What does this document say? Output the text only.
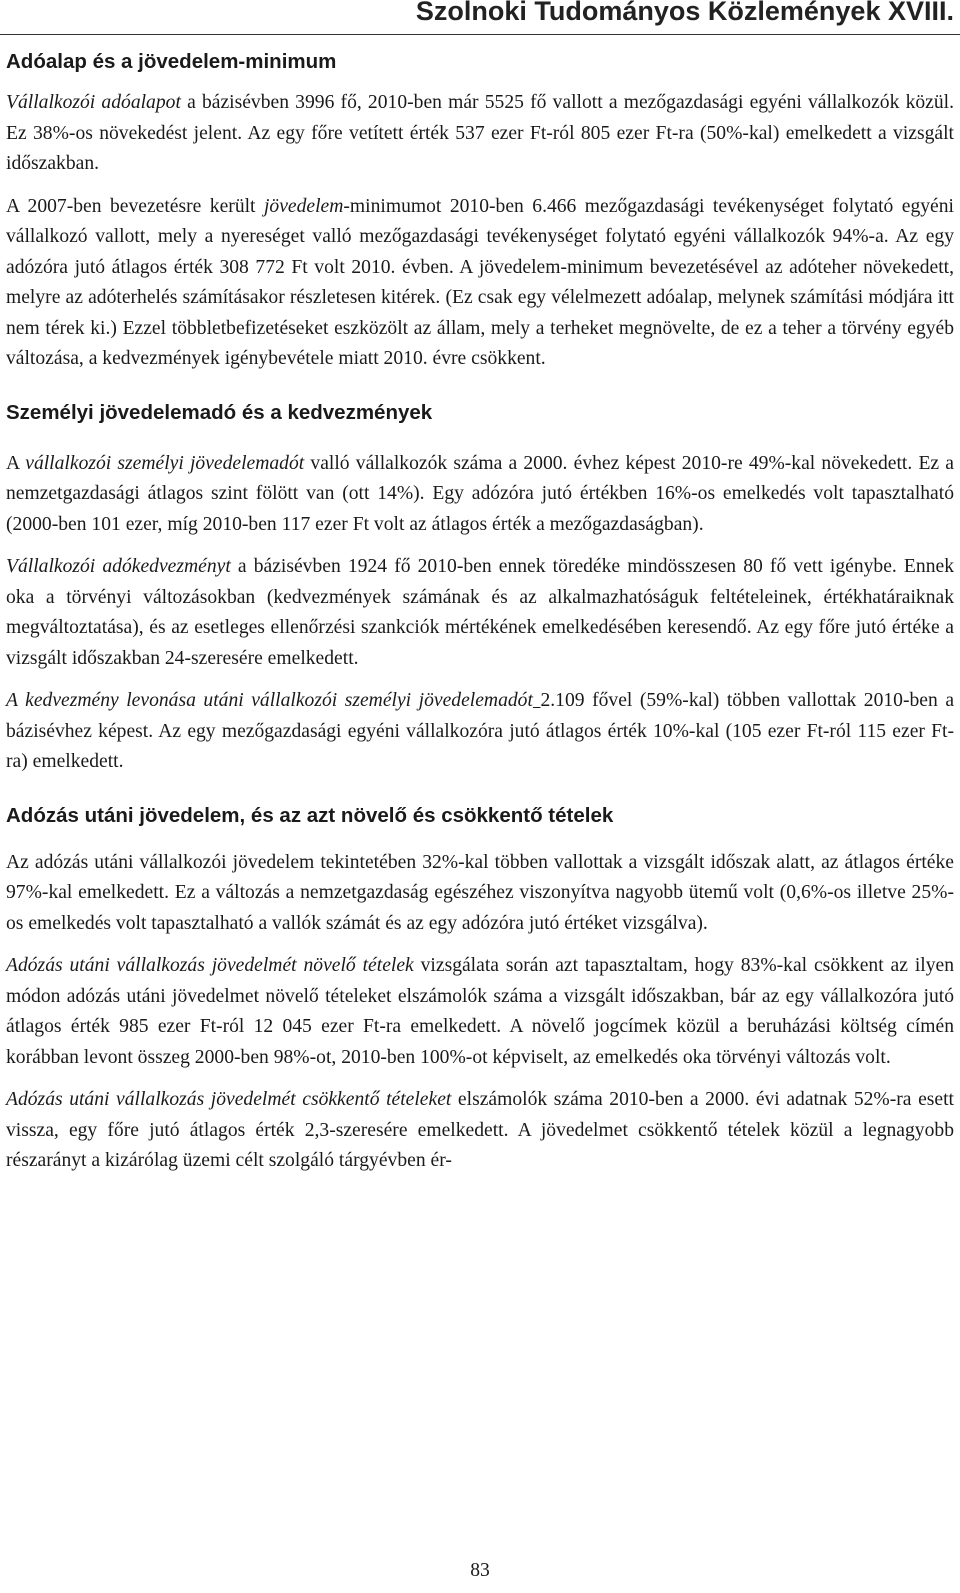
Szolnoki Tudományos Közlemények XVIII.
Adóalap és a jövedelem-minimum

Vállalkozói adóalapot a bázisévben 3996 fő, 2010-ben már 5525 fő vallott a mezőgazdasági egyéni vállalkozók közül. Ez 38%-os növekedést jelent. Az egy főre vetített érték 537 ezer Ft-ról 805 ezer Ft-ra (50%-kal) emelkedett a vizsgált időszakban.

A 2007-ben bevezetésre került jövedelem-minimumot 2010-ben 6.466 mezőgazdasági tevékenységet folytató egyéni vállalkozó vallott, mely a nyereséget valló mezőgazdasági tevékenységet folytató egyéni vállalkozók 94%-a. Az egy adózóra jutó átlagos érték 308 772 Ft volt 2010. évben. A jövedelem-minimum bevezetésével az adóteher növekedett, melyre az adóterhelés számításakor részletesen kitérek. (Ez csak egy vélelmezett adóalap, melynek számítási módjára itt nem térek ki.) Ezzel többletbefizetéseket eszközölt az állam, mely a terheket megnövelte, de ez a teher a törvény egyéb változása, a kedvezmények igénybevétele miatt 2010. évre csökkent.

Személyi jövedelemadó és a kedvezmények

A vállalkozói személyi jövedelemadót valló vállalkozók száma a 2000. évhez képest 2010-re 49%-kal növekedett. Ez a nemzetgazdasági átlagos szint fölött van (ott 14%). Egy adózóra jutó értékben 16%-os emelkedés volt tapasztalható (2000-ben 101 ezer, míg 2010-ben 117 ezer Ft volt az átlagos érték a mezőgazdaságban).

Vállalkozói adókedvezményt a bázisévben 1924 fő 2010-ben ennek töredéke mindösszesen 80 fő vett igénybe. Ennek oka a törvényi változásokban (kedvezmények számának és az alkalmazhatóságuk feltételeinek, értékhatáraiknak megváltoztatása), és az esetleges ellenőrzési szankciók mértékének emelkedésében keresendő. Az egy főre jutó értéke a vizsgált időszakban 24-szeresére emelkedett.

A kedvezmény levonása utáni vállalkozói személyi jövedelemadót 2.109 fővel (59%-kal) többen vallottak 2010-ben a bázisévhez képest. Az egy mezőgazdasági egyéni vállalkozóra jutó átlagos érték 10%-kal (105 ezer Ft-ról 115 ezer Ft-ra) emelkedett.

Adózás utáni jövedelem, és az azt növelő és csökkentő tételek

Az adózás utáni vállalkozói jövedelem tekintetében 32%-kal többen vallottak a vizsgált időszak alatt, az átlagos értéke 97%-kal emelkedett. Ez a változás a nemzetgazdaság egészéhez viszonyítva nagyobb ütemű volt (0,6%-os illetve 25%-os emelkedés volt tapasztalható a vallók számát és az egy adózóra jutó értéket vizsgálva).

Adózás utáni vállalkozás jövedelmét növelő tételek vizsgálata során azt tapasztaltam, hogy 83%-kal csökkent az ilyen módon adózás utáni jövedelmet növelő tételeket elszámolók száma a vizsgált időszakban, bár az egy vállalkozóra jutó átlagos érték 985 ezer Ft-ról 12 045 ezer Ft-ra emelkedett. A növelő jogcímek közül a beruházási költség címén korábban levont összeg 2000-ben 98%-ot, 2010-ben 100%-ot képviselt, az emelkedés oka törvényi változás volt.

Adózás utáni vállalkozás jövedelmét csökkentő tételeket elszámolók száma 2010-ben a 2000. évi adatnak 52%-ra esett vissza, egy főre jutó átlagos érték 2,3-szeresére emelkedett. A jövedelmet csökkentő tételek közül a legnagyobb részarányt a kizárólag üzemi célt szolgáló tárgyévben ér-

83
